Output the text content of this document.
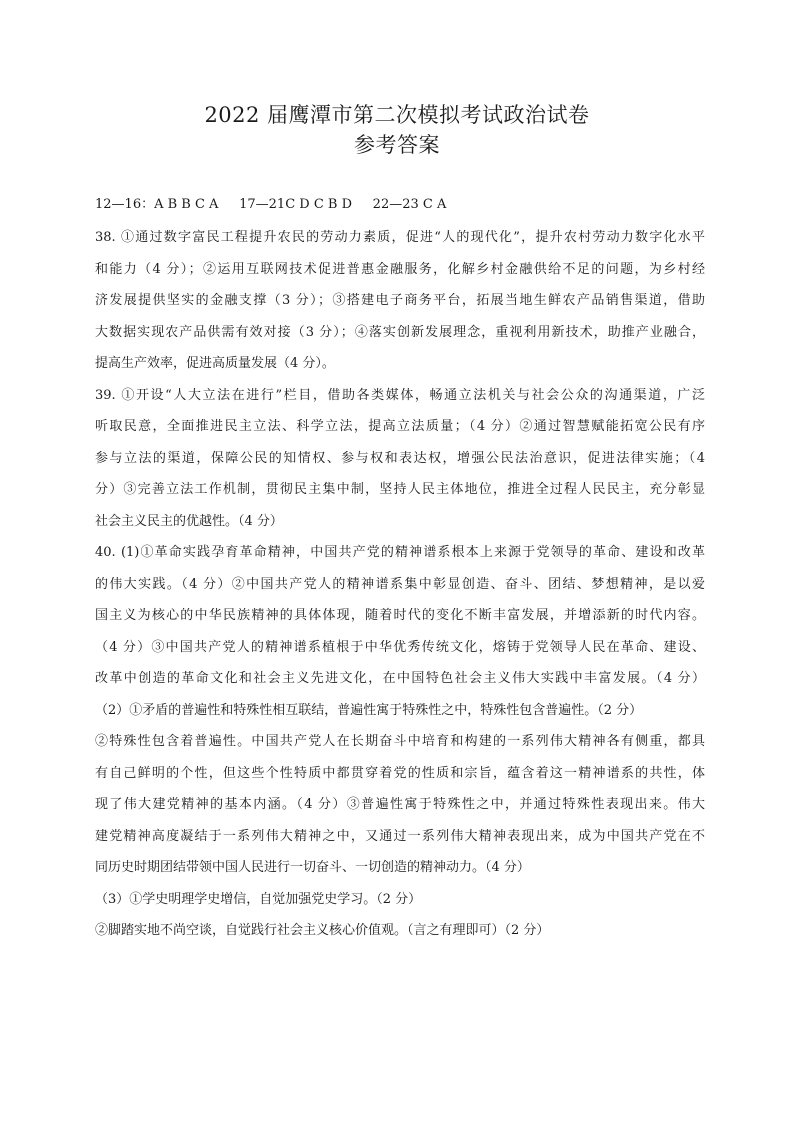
2022 届鹰潭市第二次模拟考试政治试卷
参考答案
12—16：A B B C A     17—21C D C B D     22—23 C A
38. ①通过数字富民工程提升农民的劳动力素质，促进“人的现代化”，提升农村劳动力数字化水平
和能力（4 分）；②运用互联网技术促进普惠金融服务，化解乡村金融供给不足的问题，为乡村经
济发展提供坚实的金融支撑（3 分）；③搭建电子商务平台，拓展当地生鲜农产品销售渠道，借助
大数据实现农产品供需有效对接（3 分）；④落实创新发展理念，重视利用新技术，助推产业融合，
提高生产效率，促进高质量发展（4 分）。
39. ①开设“人大立法在进行”栏目，借助各类媒体，畅通立法机关与社会公众的沟通渠道，广泛
听取民意，全面推进民主立法、科学立法，提高立法质量；（4 分）②通过智慧赋能拓宽公民有序
参与立法的渠道，保障公民的知情权、参与权和表达权，增强公民法治意识，促进法律实施；（4
分）③完善立法工作机制，贯彻民主集中制，坚持人民主体地位，推进全过程人民民主，充分彰显
社会主义民主的优越性。（4 分）
40. (1)①革命实践孕育革命精神，中国共产党的精神谱系根本上来源于党领导的革命、建设和改革
的伟大实践。（4 分）②中国共产党人的精神谱系集中彰显创造、奋斗、团结、梦想精神，是以爱
国主义为核心的中华民族精神的具体体现，随着时代的变化不断丰富发展，并增添新的时代内容。
（4 分）③中国共产党人的精神谱系植根于中华优秀传统文化，熔铸于党领导人民在革命、建设、
改革中创造的革命文化和社会主义先进文化，在中国特色社会主义伟大实践中丰富发展。（4 分）
（2）①矛盾的普遍性和特殊性相互联结，普遍性寓于特殊性之中，特殊性包含普遍性。（2 分）
②特殊性包含着普遍性。中国共产党人在长期奋斗中培育和构建的一系列伟大精神各有侧重，都具
有自己鲜明的个性，但这些个性特质中都贯穿着党的性质和宗旨，蕴含着这一精神谱系的共性，体
现了伟大建党精神的基本内涵。（4 分）③普遍性寓于特殊性之中，并通过特殊性表现出来。伟大
建党精神高度凝结于一系列伟大精神之中，又通过一系列伟大精神表现出来，成为中国共产党在不
同历史时期团结带领中国人民进行一切奋斗、一切创造的精神动力。（4 分）
（3）①学史明理学史增信，自觉加强党史学习。（2 分）
②脚踏实地不尚空谈，自觉践行社会主义核心价值观。（言之有理即可）（2 分）
